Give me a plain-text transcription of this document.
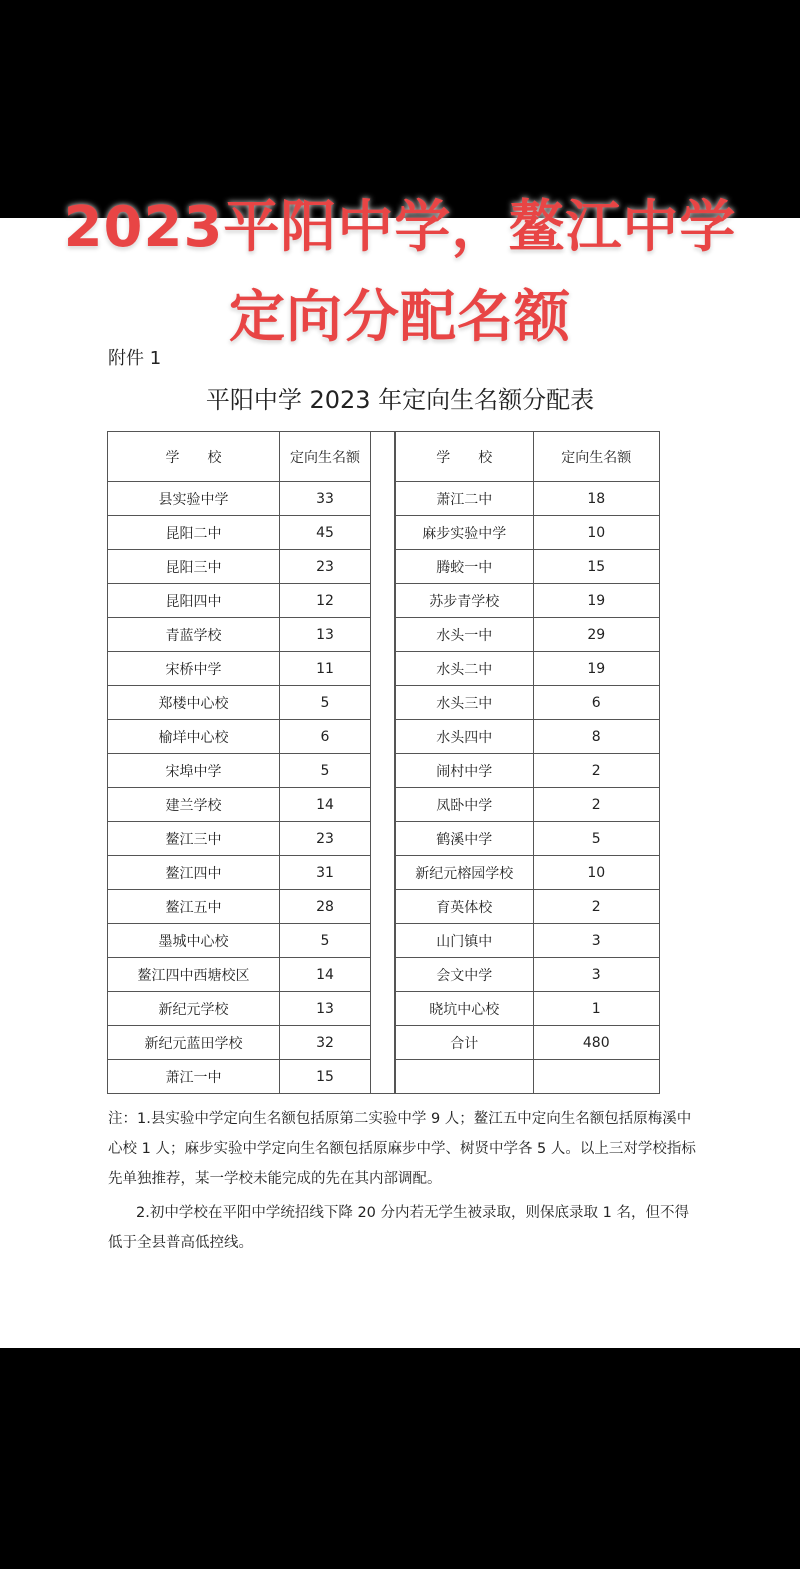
附件 1
平阳中学 2023 年定向生名额分配表
学　　校	定向生名额
县实验中学	33
昆阳二中	45
昆阳三中	23
昆阳四中	12
青蓝学校	13
宋桥中学	11
郑楼中心校	5
榆垟中心校	6
宋埠中学	5
建兰学校	14
鳌江三中	23
鳌江四中	31
鳌江五中	28
墨城中心校	5
鳌江四中西塘校区	14
新纪元学校	13
新纪元蓝田学校	32
萧江一中	15
学　　校	定向生名额
萧江二中	18
麻步实验中学	10
腾蛟一中	15
苏步青学校	19
水头一中	29
水头二中	19
水头三中	6
水头四中	8
闹村中学	2
凤卧中学	2
鹤溪中学	5
新纪元榕园学校	10
育英体校	2
山门镇中	3
会文中学	3
晓坑中心校	1
合计	480

注：1.县实验中学定向生名额包括原第二实验中学 9 人；鳌江五中定向生名额包括原梅溪中心校 1 人；麻步实验中学定向生名额包括原麻步中学、树贤中学各 5 人。以上三对学校指标先单独推荐，某一学校未能完成的先在其内部调配。

2.初中学校在平阳中学统招线下降 20 分内若无学生被录取，则保底录取 1 名，但不得低于全县普高低控线。

2023平阳中学，鳌江中学
定向分配名额
